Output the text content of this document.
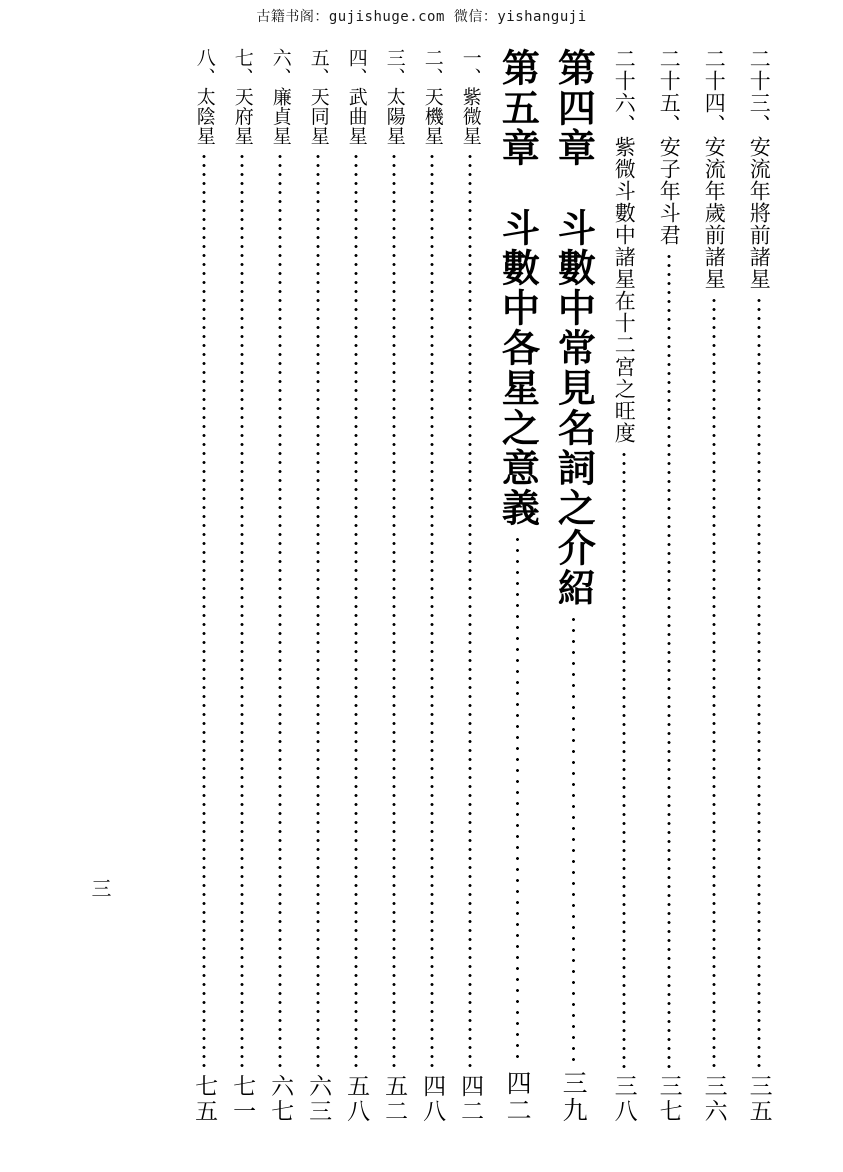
古籍书阁：gujishuge.com 微信：yishanguji
二十三、安流年將前諸星
三五
二十四、安流年歲前諸星
三六
二十五、安子年斗君
三七
二十六、紫微斗數中諸星在十二宮之旺度
三八
第四章　斗數中常見名詞之介紹
三九
第五章　斗數中各星之意義
四二
一、紫微星
四二
二、天機星
四八
三、太陽星
五二
四、武曲星
五八
五、天同星
六三
六、廉貞星
六七
七、天府星
七一
八、太陰星
七五
三
